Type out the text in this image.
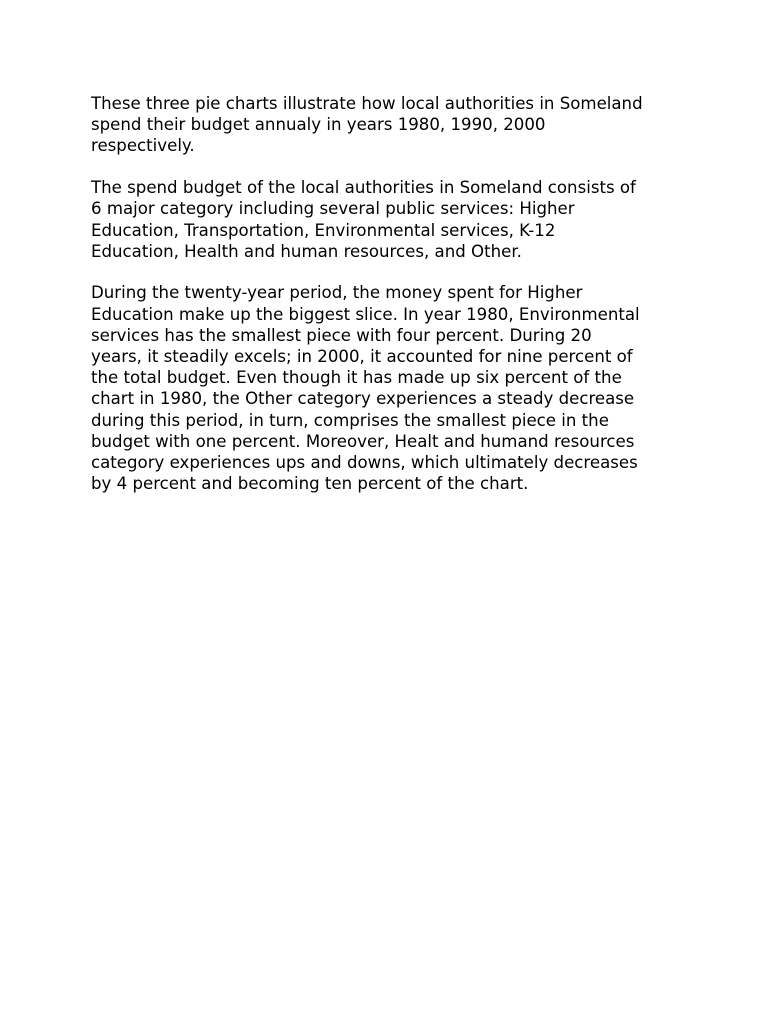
These three pie charts illustrate how local authorities in Someland
spend their budget annualy in years 1980, 1990, 2000
respectively.

The spend budget of the local authorities in Someland consists of
6 major category including several public services: Higher
Education, Transportation, Environmental services, K-12
Education, Health and human resources, and Other.

During the twenty-year period, the money spent for Higher
Education make up the biggest slice. In year 1980, Environmental
services has the smallest piece with four percent. During 20
years, it steadily excels; in 2000, it accounted for nine percent of
the total budget. Even though it has made up six percent of the
chart in 1980, the Other category experiences a steady decrease
during this period, in turn, comprises the smallest piece in the
budget with one percent. Moreover, Healt and humand resources
category experiences ups and downs, which ultimately decreases
by 4 percent and becoming ten percent of the chart.
